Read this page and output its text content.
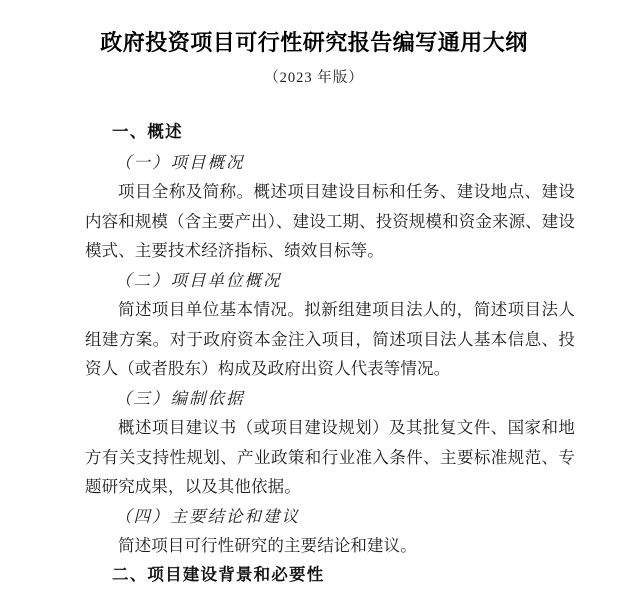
政府投资项目可行性研究报告编写通用大纲
（2023 年版）
一、概述
（一）项目概况
项目全称及简称。概述项目建设目标和任务、建设地点、建设内容和规模（含主要产出）、建设工期、投资规模和资金来源、建设模式、主要技术经济指标、绩效目标等。
（二）项目单位概况
简述项目单位基本情况。拟新组建项目法人的，简述项目法人组建方案。对于政府资本金注入项目，简述项目法人基本信息、投资人（或者股东）构成及政府出资人代表等情况。
（三）编制依据
概述项目建议书（或项目建设规划）及其批复文件、国家和地方有关支持性规划、产业政策和行业准入条件、主要标准规范、专题研究成果，以及其他依据。
（四）主要结论和建议
简述项目可行性研究的主要结论和建议。
二、项目建设背景和必要性
